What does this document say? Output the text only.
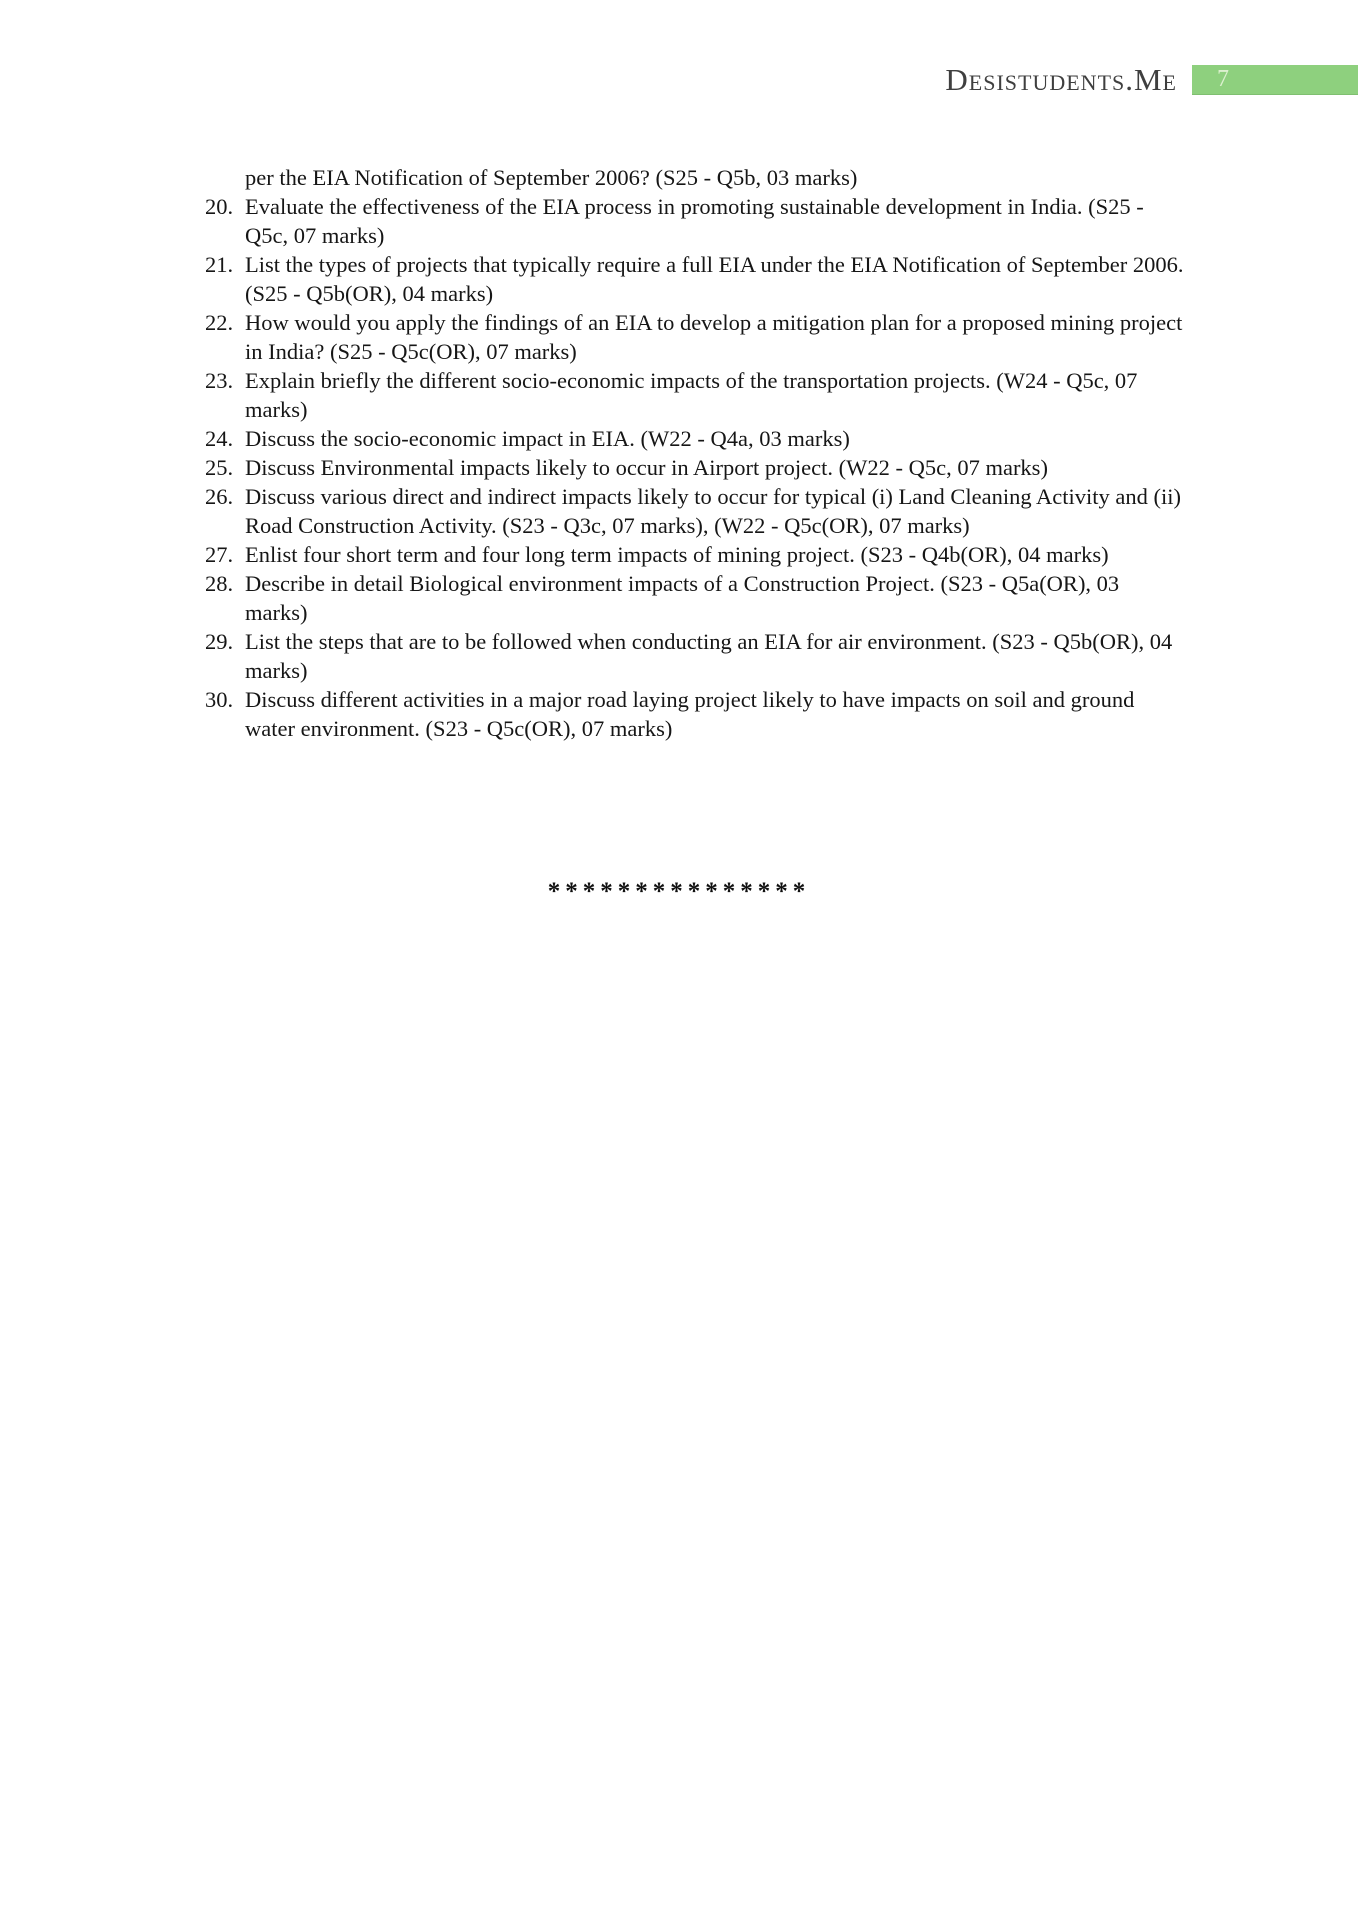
Desistudents.Me	7
per the EIA Notification of September 2006? (S25 - Q5b, 03 marks)
20. Evaluate the effectiveness of the EIA process in promoting sustainable development in India. (S25 - Q5c, 07 marks)
21. List the types of projects that typically require a full EIA under the EIA Notification of September 2006. (S25 - Q5b(OR), 04 marks)
22. How would you apply the findings of an EIA to develop a mitigation plan for a proposed mining project in India? (S25 - Q5c(OR), 07 marks)
23. Explain briefly the different socio-economic impacts of the transportation projects. (W24 - Q5c, 07 marks)
24. Discuss the socio-economic impact in EIA. (W22 - Q4a, 03 marks)
25. Discuss Environmental impacts likely to occur in Airport project. (W22 - Q5c, 07 marks)
26. Discuss various direct and indirect impacts likely to occur for typical (i) Land Cleaning Activity and (ii) Road Construction Activity. (S23 - Q3c, 07 marks), (W22 - Q5c(OR), 07 marks)
27. Enlist four short term and four long term impacts of mining project. (S23 - Q4b(OR), 04 marks)
28. Describe in detail Biological environment impacts of a Construction Project. (S23 - Q5a(OR), 03 marks)
29. List the steps that are to be followed when conducting an EIA for air environment. (S23 - Q5b(OR), 04 marks)
30. Discuss different activities in a major road laying project likely to have impacts on soil and ground water environment. (S23 - Q5c(OR), 07 marks)
***************
